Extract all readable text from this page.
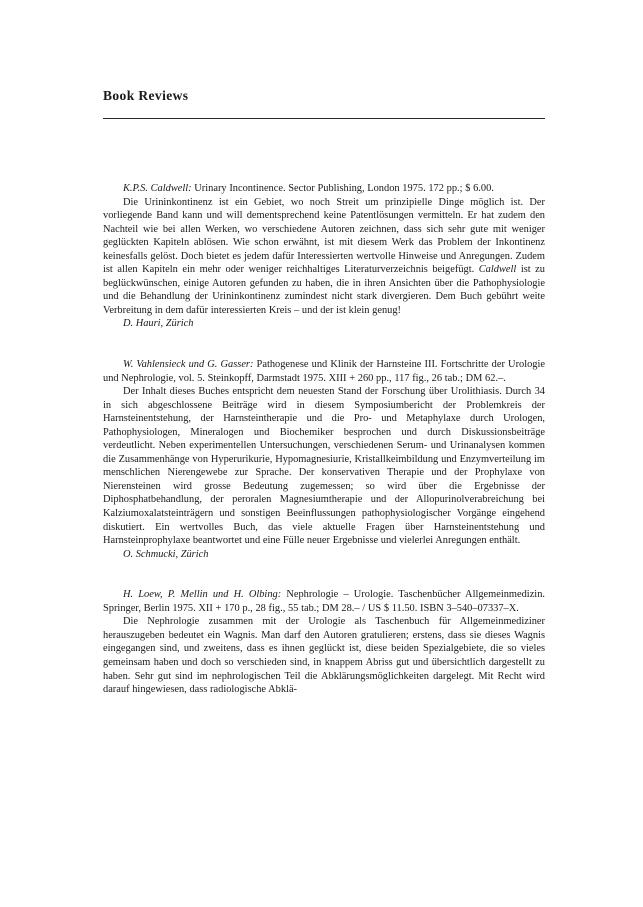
Book Reviews

K.P.S. Caldwell: Urinary Incontinence. Sector Publishing, London 1975. 172 pp.; $ 6.00.

Die Urininkontinenz ist ein Gebiet, wo noch Streit um prinzipielle Dinge möglich ist. Der vorliegende Band kann und will dementsprechend keine Patentlösungen vermitteln. Er hat zudem den Nachteil wie bei allen Werken, wo verschiedene Autoren zeichnen, dass sich sehr gute mit weniger geglückten Kapiteln ablösen. Wie schon erwähnt, ist mit diesem Werk das Problem der Inkontinenz keinesfalls gelöst. Doch bietet es jedem dafür Interessierten wertvolle Hinweise und Anregungen. Zudem ist allen Kapiteln ein mehr oder weniger reichhaltiges Literaturverzeichnis beigefügt. Caldwell ist zu beglückwünschen, einige Autoren gefunden zu haben, die in ihren Ansichten über die Pathophysiologie und die Behandlung der Urininkontinenz zumindest nicht stark divergieren. Dem Buch gebührt weite Verbreitung in dem dafür interessierten Kreis – und der ist klein genug!

D. Hauri, Zürich

W. Vahlensieck und G. Gasser: Pathogenese und Klinik der Harnsteine III. Fortschritte der Urologie und Nephrologie, vol. 5. Steinkopff, Darmstadt 1975. XIII + 260 pp., 117 fig., 26 tab.; DM 62.–.

Der Inhalt dieses Buches entspricht dem neuesten Stand der Forschung über Urolithiasis. Durch 34 in sich abgeschlossene Beiträge wird in diesem Symposiumbericht der Problemkreis der Harnsteinentstehung, der Harnsteintherapie und die Pro- und Metaphylaxe durch Urologen, Pathophysiologen, Mineralogen und Biochemiker besprochen und durch Diskussionsbeiträge verdeutlicht. Neben experimentellen Untersuchungen, verschiedenen Serum- und Urinanalysen kommen die Zusammenhänge von Hyperurikurie, Hypomagnesiurie, Kristallkeimbildung und Enzymverteilung im menschlichen Nierengewebe zur Sprache. Der konservativen Therapie und der Prophylaxe von Nierensteinen wird grosse Bedeutung zugemessen; so wird über die Ergebnisse der Diphosphatbehandlung, der peroralen Magnesiumtherapie und der Allopurinolverabreichung bei Kalziumoxalatsteinträgern und sonstigen Beeinflussungen pathophysiologischer Vorgänge eingehend diskutiert. Ein wertvolles Buch, das viele aktuelle Fragen über Harnsteinentstehung und Harnsteinprophylaxe beantwortet und eine Fülle neuer Ergebnisse und vielerlei Anregungen enthält.

O. Schmucki, Zürich

H. Loew, P. Mellin und H. Olbing: Nephrologie – Urologie. Taschenbücher Allgemeinmedizin. Springer, Berlin 1975. XII + 170 p., 28 fig., 55 tab.; DM 28.– / US $ 11.50. ISBN 3–540–07337–X.

Die Nephrologie zusammen mit der Urologie als Taschenbuch für Allgemeinmediziner herauszugeben bedeutet ein Wagnis. Man darf den Autoren gratulieren; erstens, dass sie dieses Wagnis eingegangen sind, und zweitens, dass es ihnen geglückt ist, diese beiden Spezialgebiete, die so vieles gemeinsam haben und doch so verschieden sind, in knappem Abriss gut und übersichtlich dargestellt zu haben. Sehr gut sind im nephrologischen Teil die Abklärungsmöglichkeiten dargelegt. Mit Recht wird darauf hingewiesen, dass radiologische Abklä-
